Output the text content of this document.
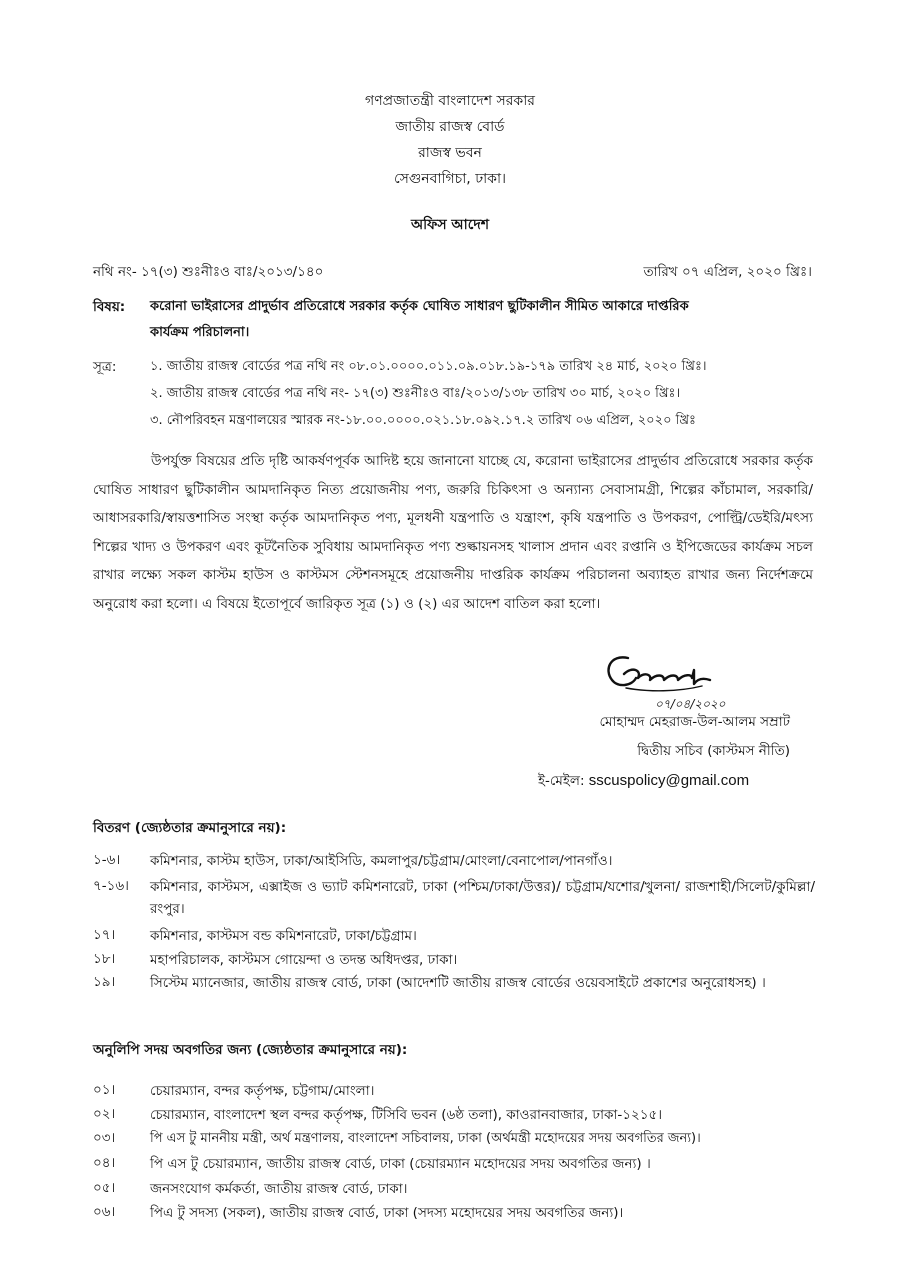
গণপ্রজাতন্ত্রী বাংলাদেশ সরকার
জাতীয় রাজস্ব বোর্ড
রাজস্ব ভবন
সেগুনবাগিচা, ঢাকা।
অফিস আদেশ
নথি নং- ১৭(৩) শুঃনীঃও বাঃ/২০১৩/১৪০	তারিখ ০৭ এপ্রিল, ২০২০ খ্রিঃ।
বিষয়: করোনা ভাইরাসের প্রাদুর্ভাব প্রতিরোধে সরকার কর্তৃক ঘোষিত সাধারণ ছুটিকালীন সীমিত আকারে দাপ্তরিক
কার্যক্রম পরিচালনা।
সূত্র:	১. জাতীয় রাজস্ব বোর্ডের পত্র নথি নং ০৮.০১.০০০০.০১১.০৯.০১৮.১৯-১৭৯ তারিখ ২৪ মার্চ, ২০২০ খ্রিঃ।
২. জাতীয় রাজস্ব বোর্ডের পত্র নথি নং- ১৭(৩) শুঃনীঃও বাঃ/২০১৩/১৩৮ তারিখ ৩০ মার্চ, ২০২০ খ্রিঃ।
৩. নৌপরিবহন মন্ত্রণালয়ের স্মারক নং-১৮.০০.০০০০.০২১.১৮.০৯২.১৭.২ তারিখ ০৬ এপ্রিল, ২০২০ খ্রিঃ
উপর্যুক্ত বিষয়ের প্রতি দৃষ্টি আকর্ষণপূর্বক আদিষ্ট হয়ে জানানো যাচ্ছে যে, করোনা ভাইরাসের প্রাদুর্ভাব প্রতিরোধে সরকার কর্তৃক ঘোষিত সাধারণ ছুটিকালীন আমদানিকৃত নিত্য প্রয়োজনীয় পণ্য, জরুরি চিকিৎসা ও অন্যান্য সেবাসামগ্রী, শিল্পের কাঁচামাল, সরকারি/আধাসরকারি/স্বায়ত্তশাসিত সংস্থা কর্তৃক আমদানিকৃত পণ্য, মূলধনী যন্ত্রপাতি ও যন্ত্রাংশ, কৃষি যন্ত্রপাতি ও উপকরণ, পোল্ট্রি/ডেইরি/মৎস্য শিল্পের খাদ্য ও উপকরণ এবং কূটনৈতিক সুবিধায় আমদানিকৃত পণ্য শুল্কায়নসহ খালাস প্রদান এবং রপ্তানি ও ইপিজেডের কার্যক্রম সচল রাখার লক্ষ্যে সকল কাস্টম হাউস ও কাস্টমস স্টেশনসমূহে প্রয়োজনীয় দাপ্তরিক কার্যক্রম পরিচালনা অব্যাহত রাখার জন্য নির্দেশক্রমে অনুরোধ করা হলো। এ বিষয়ে ইতোপূর্বে জারিকৃত সূত্র (১) ও (২) এর আদেশ বাতিল করা হলো।
০৭/০৪/২০২০
মোহাম্মদ মেহরাজ-উল-আলম সম্রাট
দ্বিতীয় সচিব (কাস্টমস নীতি)
ই-মেইল: sscuspolicy@gmail.com
বিতরণ (জ্যেষ্ঠতার ক্রমানুসারে নয়):
১-৬।	কমিশনার, কাস্টম হাউস, ঢাকা/আইসিডি, কমলাপুর/চট্টগ্রাম/মোংলা/বেনাপোল/পানগাঁও।
৭-১৬।	কমিশনার, কাস্টমস, এক্সাইজ ও ভ্যাট কমিশনারেট, ঢাকা (পশ্চিম/ঢাকা/উত্তর)/ চট্টগ্রাম/যশোর/খুলনা/ রাজশাহী/সিলেট/কুমিল্লা/রংপুর।
১৭।	কমিশনার, কাস্টমস বন্ড কমিশনারেট, ঢাকা/চট্টগ্রাম।
১৮।	মহাপরিচালক, কাস্টমস গোয়েন্দা ও তদন্ত অধিদপ্তর, ঢাকা।
১৯।	সিস্টেম ম্যানেজার, জাতীয় রাজস্ব বোর্ড, ঢাকা (আদেশটি জাতীয় রাজস্ব বোর্ডের ওয়েবসাইটে প্রকাশের অনুরোধসহ) ।
অনুলিপি সদয় অবগতির জন্য (জ্যেষ্ঠতার ক্রমানুসারে নয়):
০১।	চেয়ারম্যান, বন্দর কর্তৃপক্ষ, চট্টগাম/মোংলা।
০২।	চেয়ারম্যান, বাংলাদেশ স্থল বন্দর কর্তৃপক্ষ, টিসিবি ভবন (৬ষ্ঠ তলা), কাওরানবাজার, ঢাকা-১২১৫।
০৩।	পি এস টু মাননীয় মন্ত্রী, অর্থ মন্ত্রণালয়, বাংলাদেশ সচিবালয়, ঢাকা (অর্থমন্ত্রী মহোদয়ের সদয় অবগতির জন্য)।
০৪।	পি এস টু চেয়ারম্যান, জাতীয় রাজস্ব বোর্ড, ঢাকা (চেয়ারম্যান মহোদয়ের সদয় অবগতির জন্য) ।
০৫।	জনসংযোগ কর্মকর্তা, জাতীয় রাজস্ব বোর্ড, ঢাকা।
০৬।	পিএ টু সদস্য (সকল), জাতীয় রাজস্ব বোর্ড, ঢাকা (সদস্য মহোদয়ের সদয় অবগতির জন্য)।
